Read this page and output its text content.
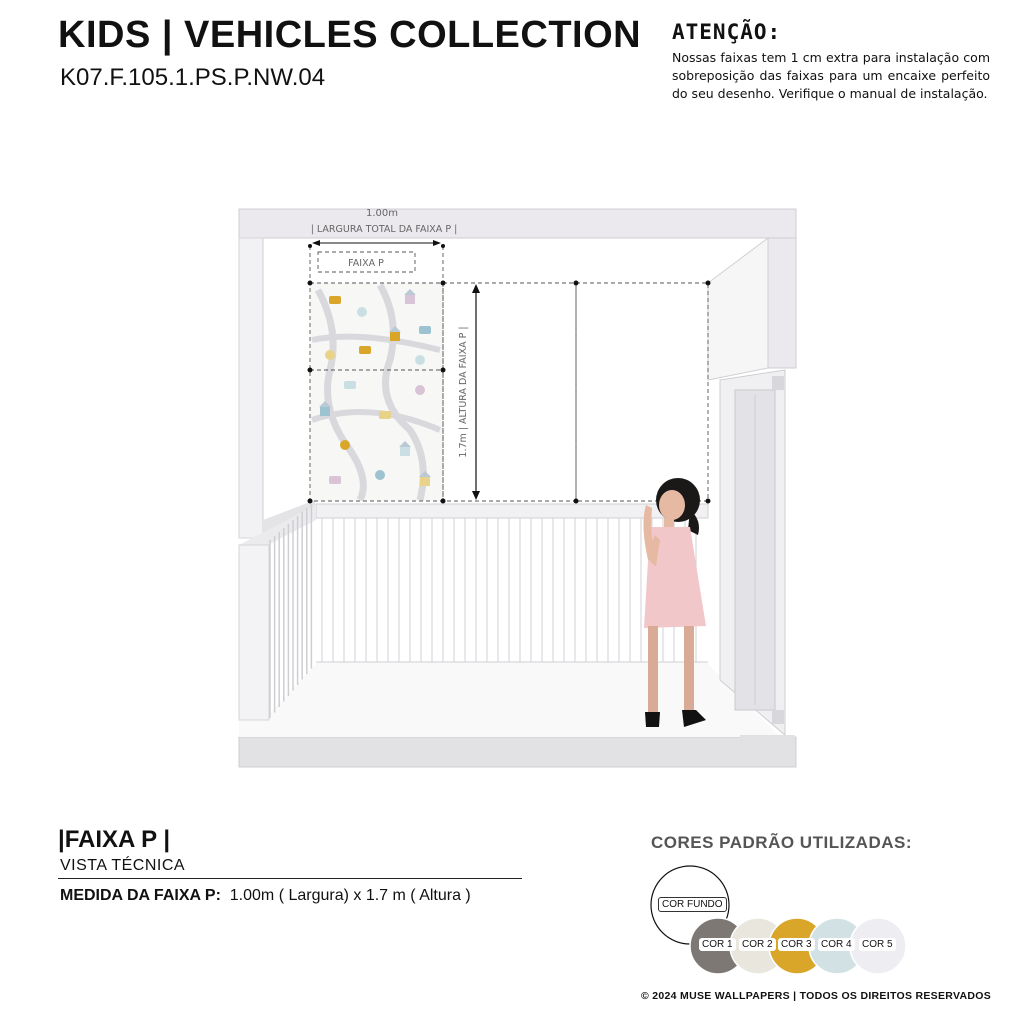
KIDS | VEHICLES COLLECTION
K07.F.105.1.PS.P.NW.04
ATENÇÃO:
Nossas faixas tem 1 cm extra para instalação com sobreposição das faixas para um encaixe perfeito do seu desenho. Verifique o manual de instalação.
1.00m
| LARGURA TOTAL DA FAIXA P |
FAIXA P
1.7m | ALTURA DA FAIXA P |
COR FUNDO
COR 1 COR 2 COR 3 COR 4	COR 5
|FAIXA P |
VISTA TÉCNICA
MEDIDA DA FAIXA P: 1.00m ( Largura) x 1.7 m ( Altura )
CORES PADRÃO UTILIZADAS:
© 2024 MUSE WALLPAPERS | TODOS OS DIREITOS RESERVADOS
